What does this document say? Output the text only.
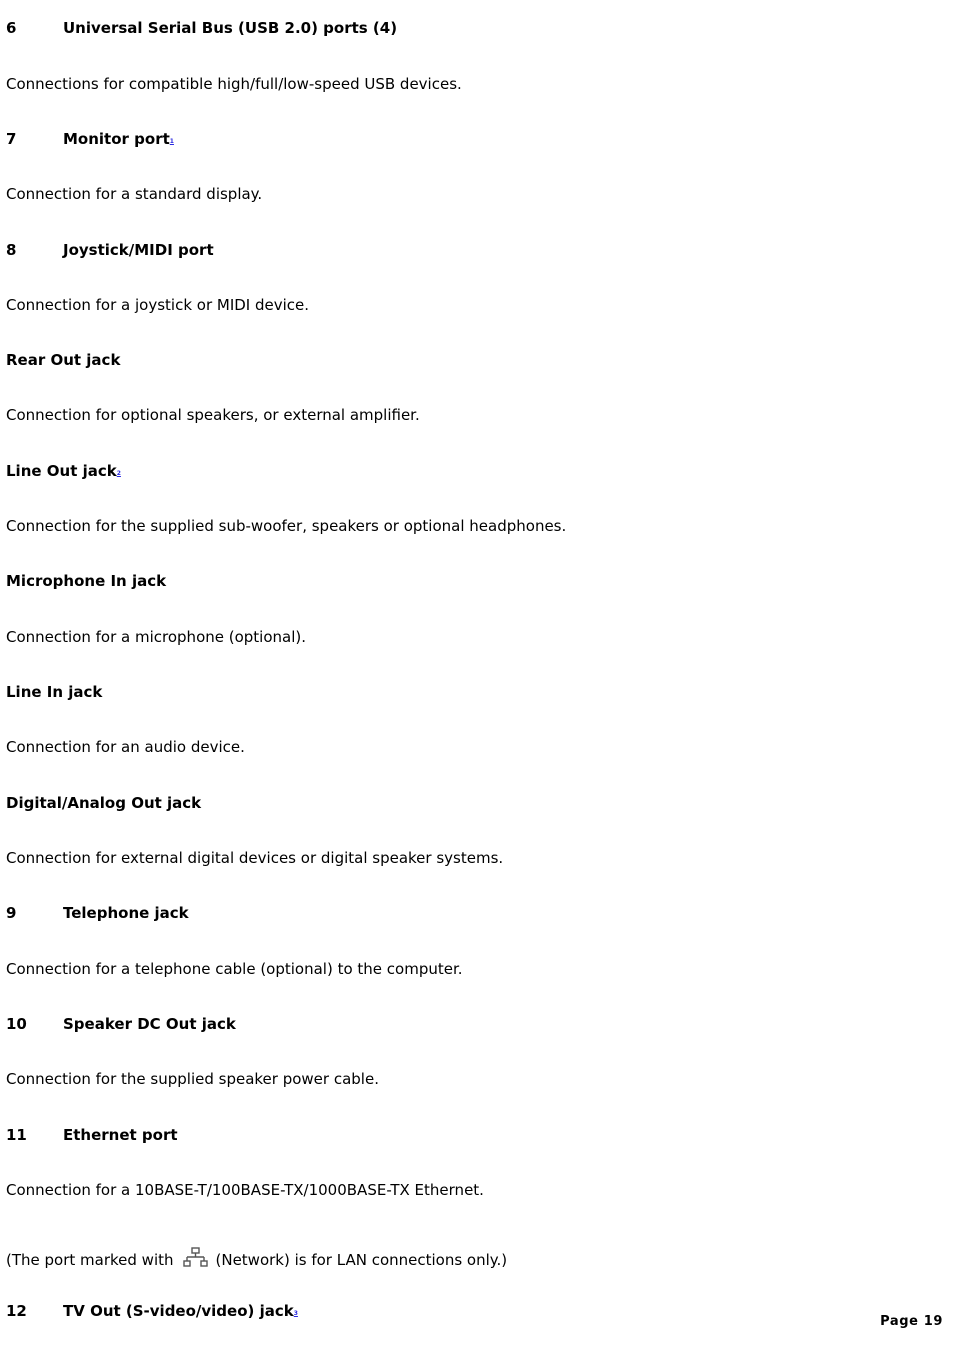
6	Universal Serial Bus (USB 2.0) ports (4)
Connections for compatible high/full/low-speed USB devices.
7	Monitor port1
Connection for a standard display.
8	Joystick/MIDI port
Connection for a joystick or MIDI device.
Rear Out jack
Connection for optional speakers, or external amplifier.
Line Out jack2
Connection for the supplied sub-woofer, speakers or optional headphones.
Microphone In jack
Connection for a microphone (optional).
Line In jack
Connection for an audio device.
Digital/Analog Out jack
Connection for external digital devices or digital speaker systems.
9	Telephone jack
Connection for a telephone cable (optional) to the computer.
10 Speaker DC Out jack
Connection for the supplied speaker power cable.
11 Ethernet port
Connection for a 10BASE-T/100BASE-TX/1000BASE-TX Ethernet.
(The port marked with	(Network) is for LAN connections only.)
12 TV Out (S-video/video) jack3
Page 19
